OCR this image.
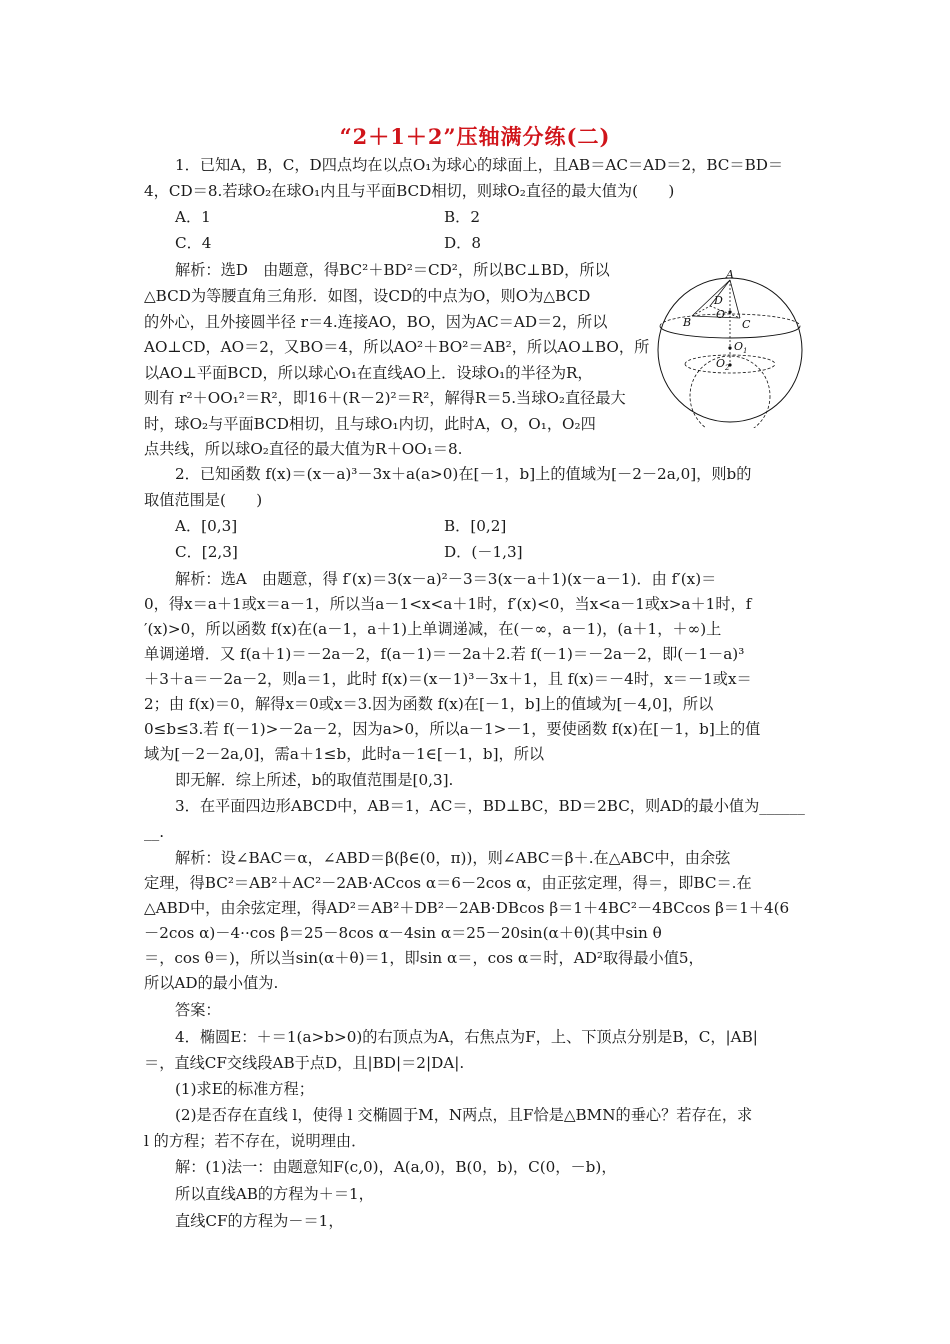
“2＋1＋2”压轴满分练(二)
1．已知A，B，C，D四点均在以点O₁为球心的球面上，且AB＝AC＝AD＝2，BC＝BD＝
4，CD＝8.若球O₂在球O₁内且与平面BCD相切，则球O₂直径的最大值为(　　)
A．1	B．2
C．4	D．8
解析：选D　由题意，得BC²＋BD²＝CD²，所以BC⊥BD，所以
△BCD为等腰直角三角形．如图，设CD的中点为O，则O为△BCD
的外心，且外接圆半径 r＝4.连接AO，BO，因为AC＝AD＝2，所以
AO⊥CD，AO＝2，又BO＝4，所以AO²＋BO²＝AB²，所以AO⊥BO，所
以AO⊥平面BCD，所以球心O₁在直线AO上．设球O₁的半径为R，
则有 r²＋OO₁²＝R²，即16＋(R－2)²＝R²，解得R＝5.当球O₂直径最大
时，球O₂与平面BCD相切，且与球O₁内切，此时A，O，O₁，O₂四
点共线，所以球O₂直径的最大值为R＋OO₁＝8.
A
D
O
B	C
$O_1$
$O_2$
2．已知函数 f(x)＝(x－a)³－3x＋a(a>0)在[－1，b]上的值域为[－2－2a,0]，则b的
取值范围是(　　)
A．[0,3]	B．[0,2]
C．[2,3]	D．(－1,3]
解析：选A　由题意，得 f′(x)＝3(x－a)²－3＝3(x－a＋1)(x－a－1)．由 f′(x)＝
0，得x＝a＋1或x＝a－1，所以当a－1<x<a＋1时，f′(x)<0，当x<a－1或x>a＋1时，f
′(x)>0，所以函数 f(x)在(a－1，a＋1)上单调递减，在(－∞，a－1)，(a＋1，＋∞)上
单调递增．又 f(a＋1)＝－2a－2，f(a－1)＝－2a＋2.若 f(－1)＝－2a－2，即(－1－a)³
＋3＋a＝－2a－2，则a＝1，此时 f(x)＝(x－1)³－3x＋1，且 f(x)＝－4时，x＝－1或x＝
2；由 f(x)＝0，解得x＝0或x＝3.因为函数 f(x)在[－1，b]上的值域为[－4,0]，所以
0≤b≤3.若 f(－1)>－2a－2，因为a>0，所以a－1>－1，要使函数 f(x)在[－1，b]上的值
域为[－2－2a,0]，需a＋1≤b，此时a－1∈[－1，b]，所以
即无解．综上所述，b的取值范围是[0,3].
3．在平面四边形ABCD中，AB＝1，AC＝，BD⊥BC，BD＝2BC，则AD的最小值为______
__.
解析：设∠BAC＝α，∠ABD＝β(β∈(0，π))，则∠ABC＝β＋.在△ABC中，由余弦
定理，得BC²＝AB²＋AC²－2AB·ACcos α＝6－2cos α，由正弦定理，得＝，即BC＝.在
△ABD中，由余弦定理，得AD²＝AB²＋DB²－2AB·DBcos β＝1＋4BC²－4BCcos β＝1＋4(6
－2cos α)－4··cos β＝25－8cos α－4sin α＝25－20sin(α＋θ)(其中sin θ
＝，cos θ＝)，所以当sin(α＋θ)＝1，即sin α＝，cos α＝时，AD²取得最小值5，
所以AD的最小值为.
答案：
4．椭圆E：＋＝1(a>b>0)的右顶点为A，右焦点为F，上、下顶点分别是B，C，|AB|
＝，直线CF交线段AB于点D，且|BD|＝2|DA|.
(1)求E的标准方程；
(2)是否存在直线 l，使得 l 交椭圆于M，N两点，且F恰是△BMN的垂心？若存在，求
l 的方程；若不存在，说明理由．
解：(1)法一：由题意知F(c,0)，A(a,0)，B(0，b)，C(0，－b)，
所以直线AB的方程为＋＝1，
直线CF的方程为－＝1，
